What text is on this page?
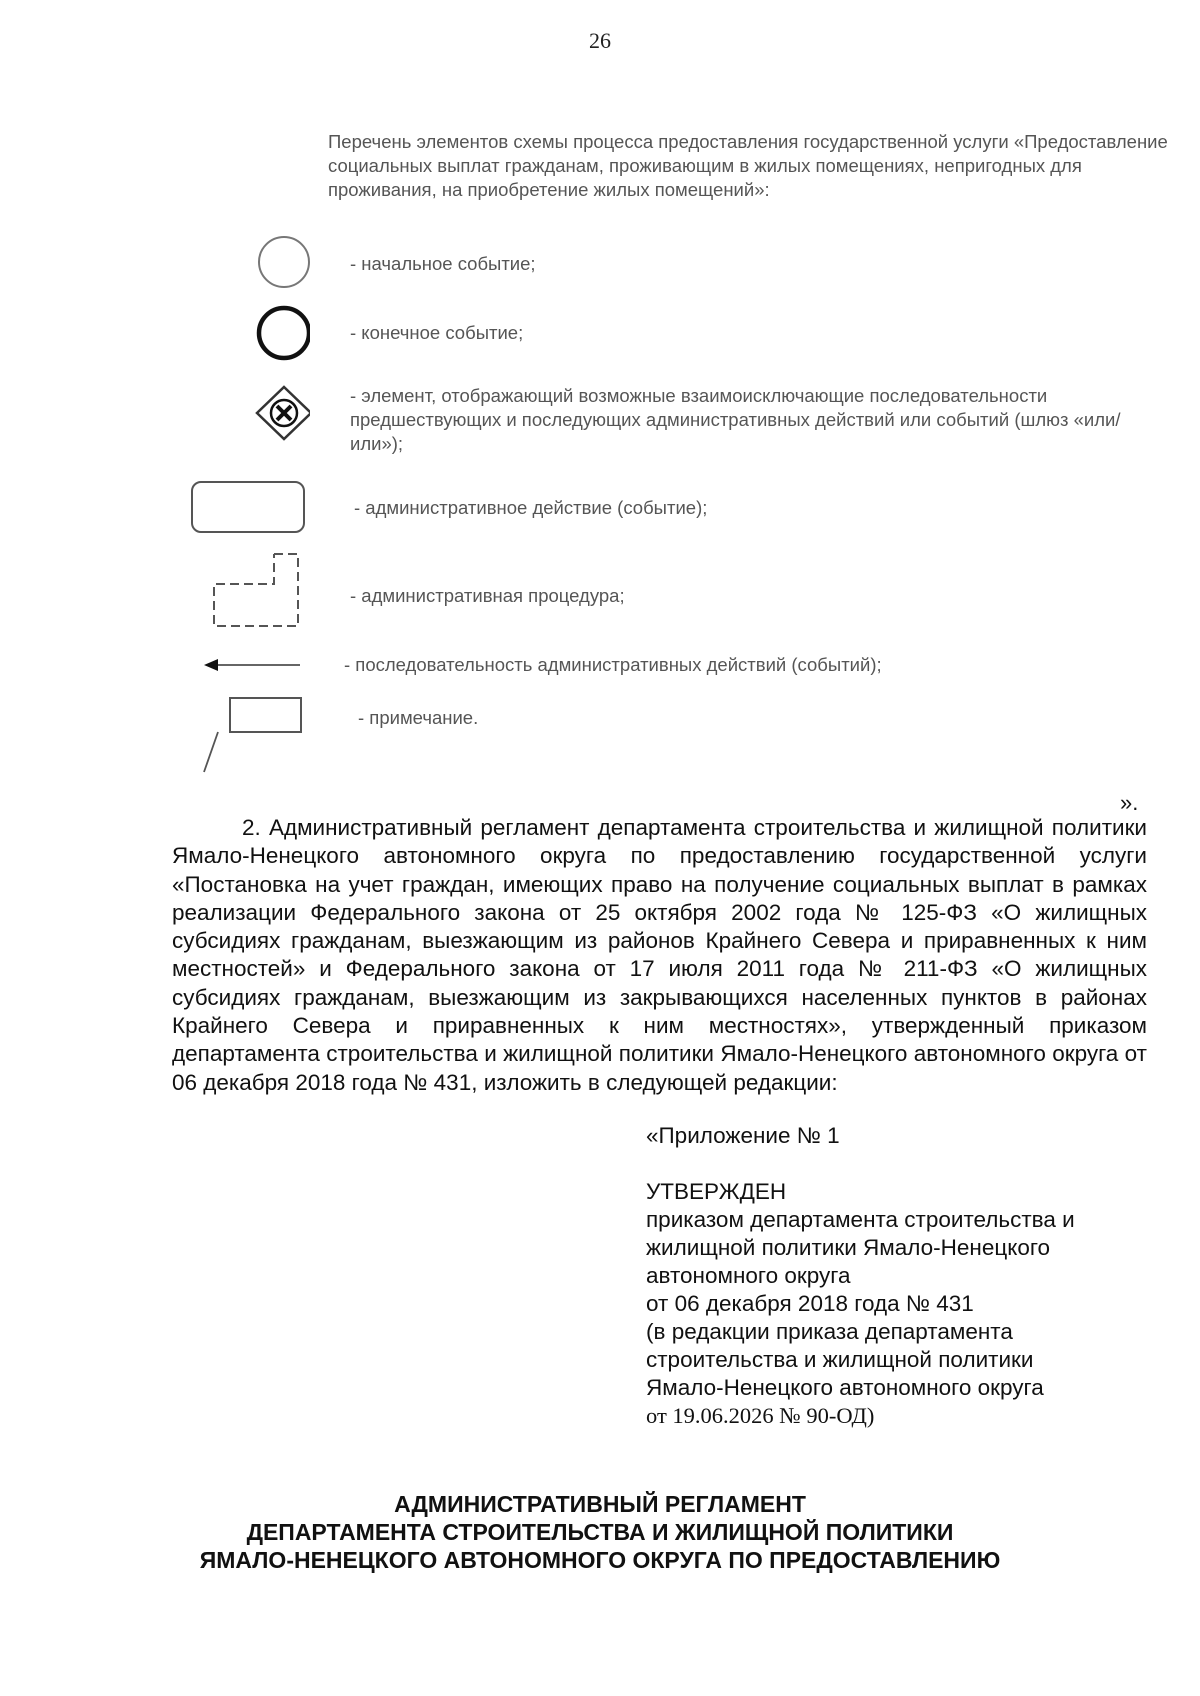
26
Перечень элементов схемы процесса предоставления государственной услуги «Предоставление социальных выплат гражданам, проживающим в жилых помещениях, непригодных для проживания, на приобретение жилых помещений»:
- начальное событие;
- конечное событие;
- элемент, отображающий возможные взаимоисключающие последовательности предшествующих и последующих административных действий или событий (шлюз «или/или»);
- административное действие (событие);
- административная процедура;
- последовательность административных действий (событий);
- примечание.
».
2. Административный регламент департамента строительства и жилищной политики Ямало-Ненецкого автономного округа по предоставлению государственной услуги «Постановка на учет граждан, имеющих право на получение социальных выплат в рамках реализации Федерального закона от 25 октября 2002 года № 125-ФЗ «О жилищных субсидиях гражданам, выезжающим из районов Крайнего Севера и приравненных к ним местностей» и Федерального закона от 17 июля 2011 года № 211-ФЗ «О жилищных субсидиях гражданам, выезжающим из закрывающихся населенных пунктов в районах Крайнего Севера и приравненных к ним местностях», утвержденный приказом департамента строительства и жилищной политики Ямало-Ненецкого автономного округа от 06 декабря 2018 года № 431, изложить в следующей редакции:
«Приложение № 1
УТВЕРЖДЕН
приказом департамента строительства и
жилищной политики Ямало-Ненецкого
автономного округа
от 06 декабря 2018 года № 431
(в редакции приказа департамента
строительства и жилищной политики
Ямало-Ненецкого автономного округа
от 19.06.2026 № 90-ОД)
АДМИНИСТРАТИВНЫЙ РЕГЛАМЕНТ
ДЕПАРТАМЕНТА СТРОИТЕЛЬСТВА И ЖИЛИЩНОЙ ПОЛИТИКИ
ЯМАЛО-НЕНЕЦКОГО АВТОНОМНОГО ОКРУГА ПО ПРЕДОСТАВЛЕНИЮ
